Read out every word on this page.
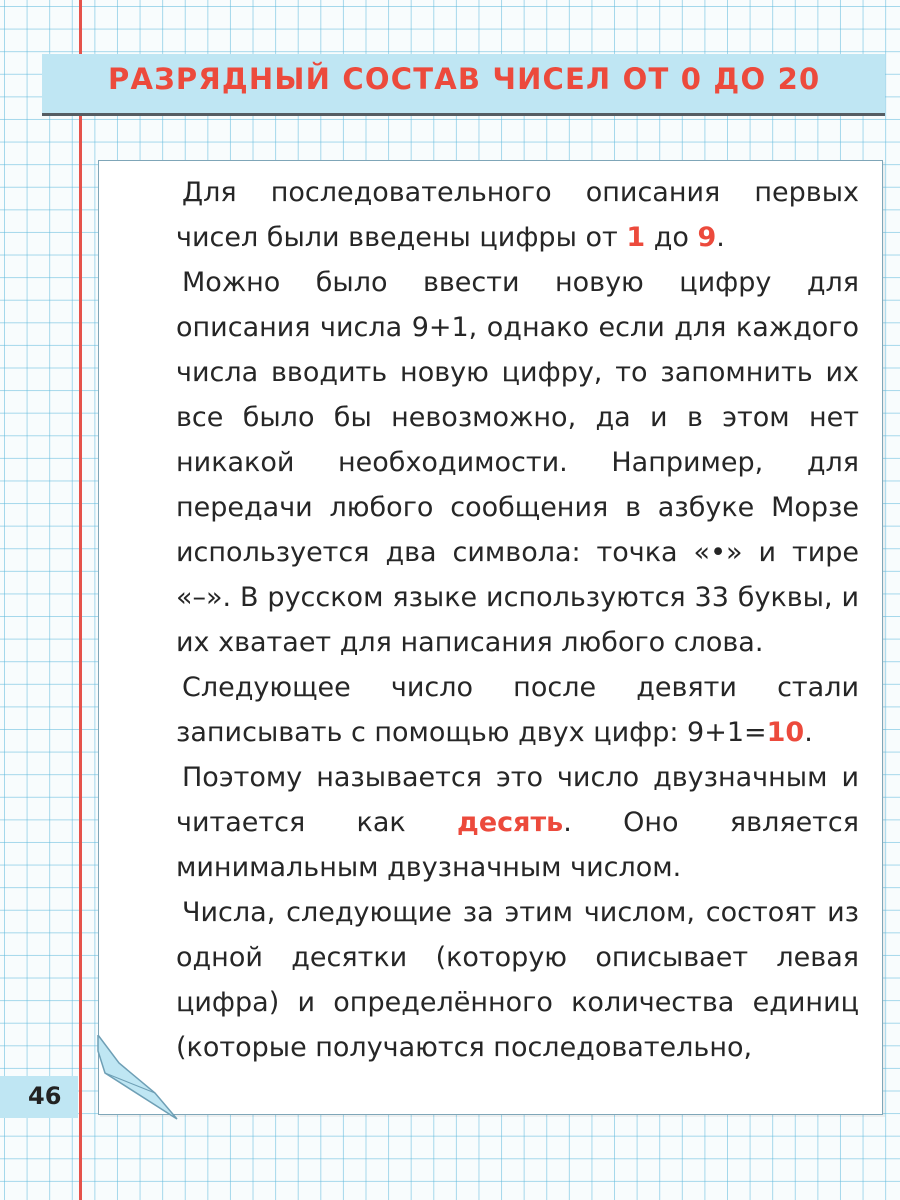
РАЗРЯДНЫЙ СОСТАВ ЧИСЕЛ ОТ 0 ДО 20

Для последовательного описания первых чисел были введены цифры от 1 до 9.

Можно было ввести новую цифру для описания числа 9+1, однако если для каждого числа вводить новую цифру, то запомнить их все было бы невозможно, да и в этом нет никакой необходимости. Например, для передачи любого сообщения в азбуке Морзе используется два символа: точка «•» и тире «–». В русском языке используются 33 буквы, и их хватает для написания любого слова.

Следующее число после девяти стали записывать с помощью двух цифр: 9+1=10.

Поэтому называется это число двузначным и читается как десять. Оно является минимальным двузначным числом.

Числа, следующие за этим числом, состоят из одной десятки (которую описывает левая цифра) и определённого количества единиц (которые получаются последовательно,

46
